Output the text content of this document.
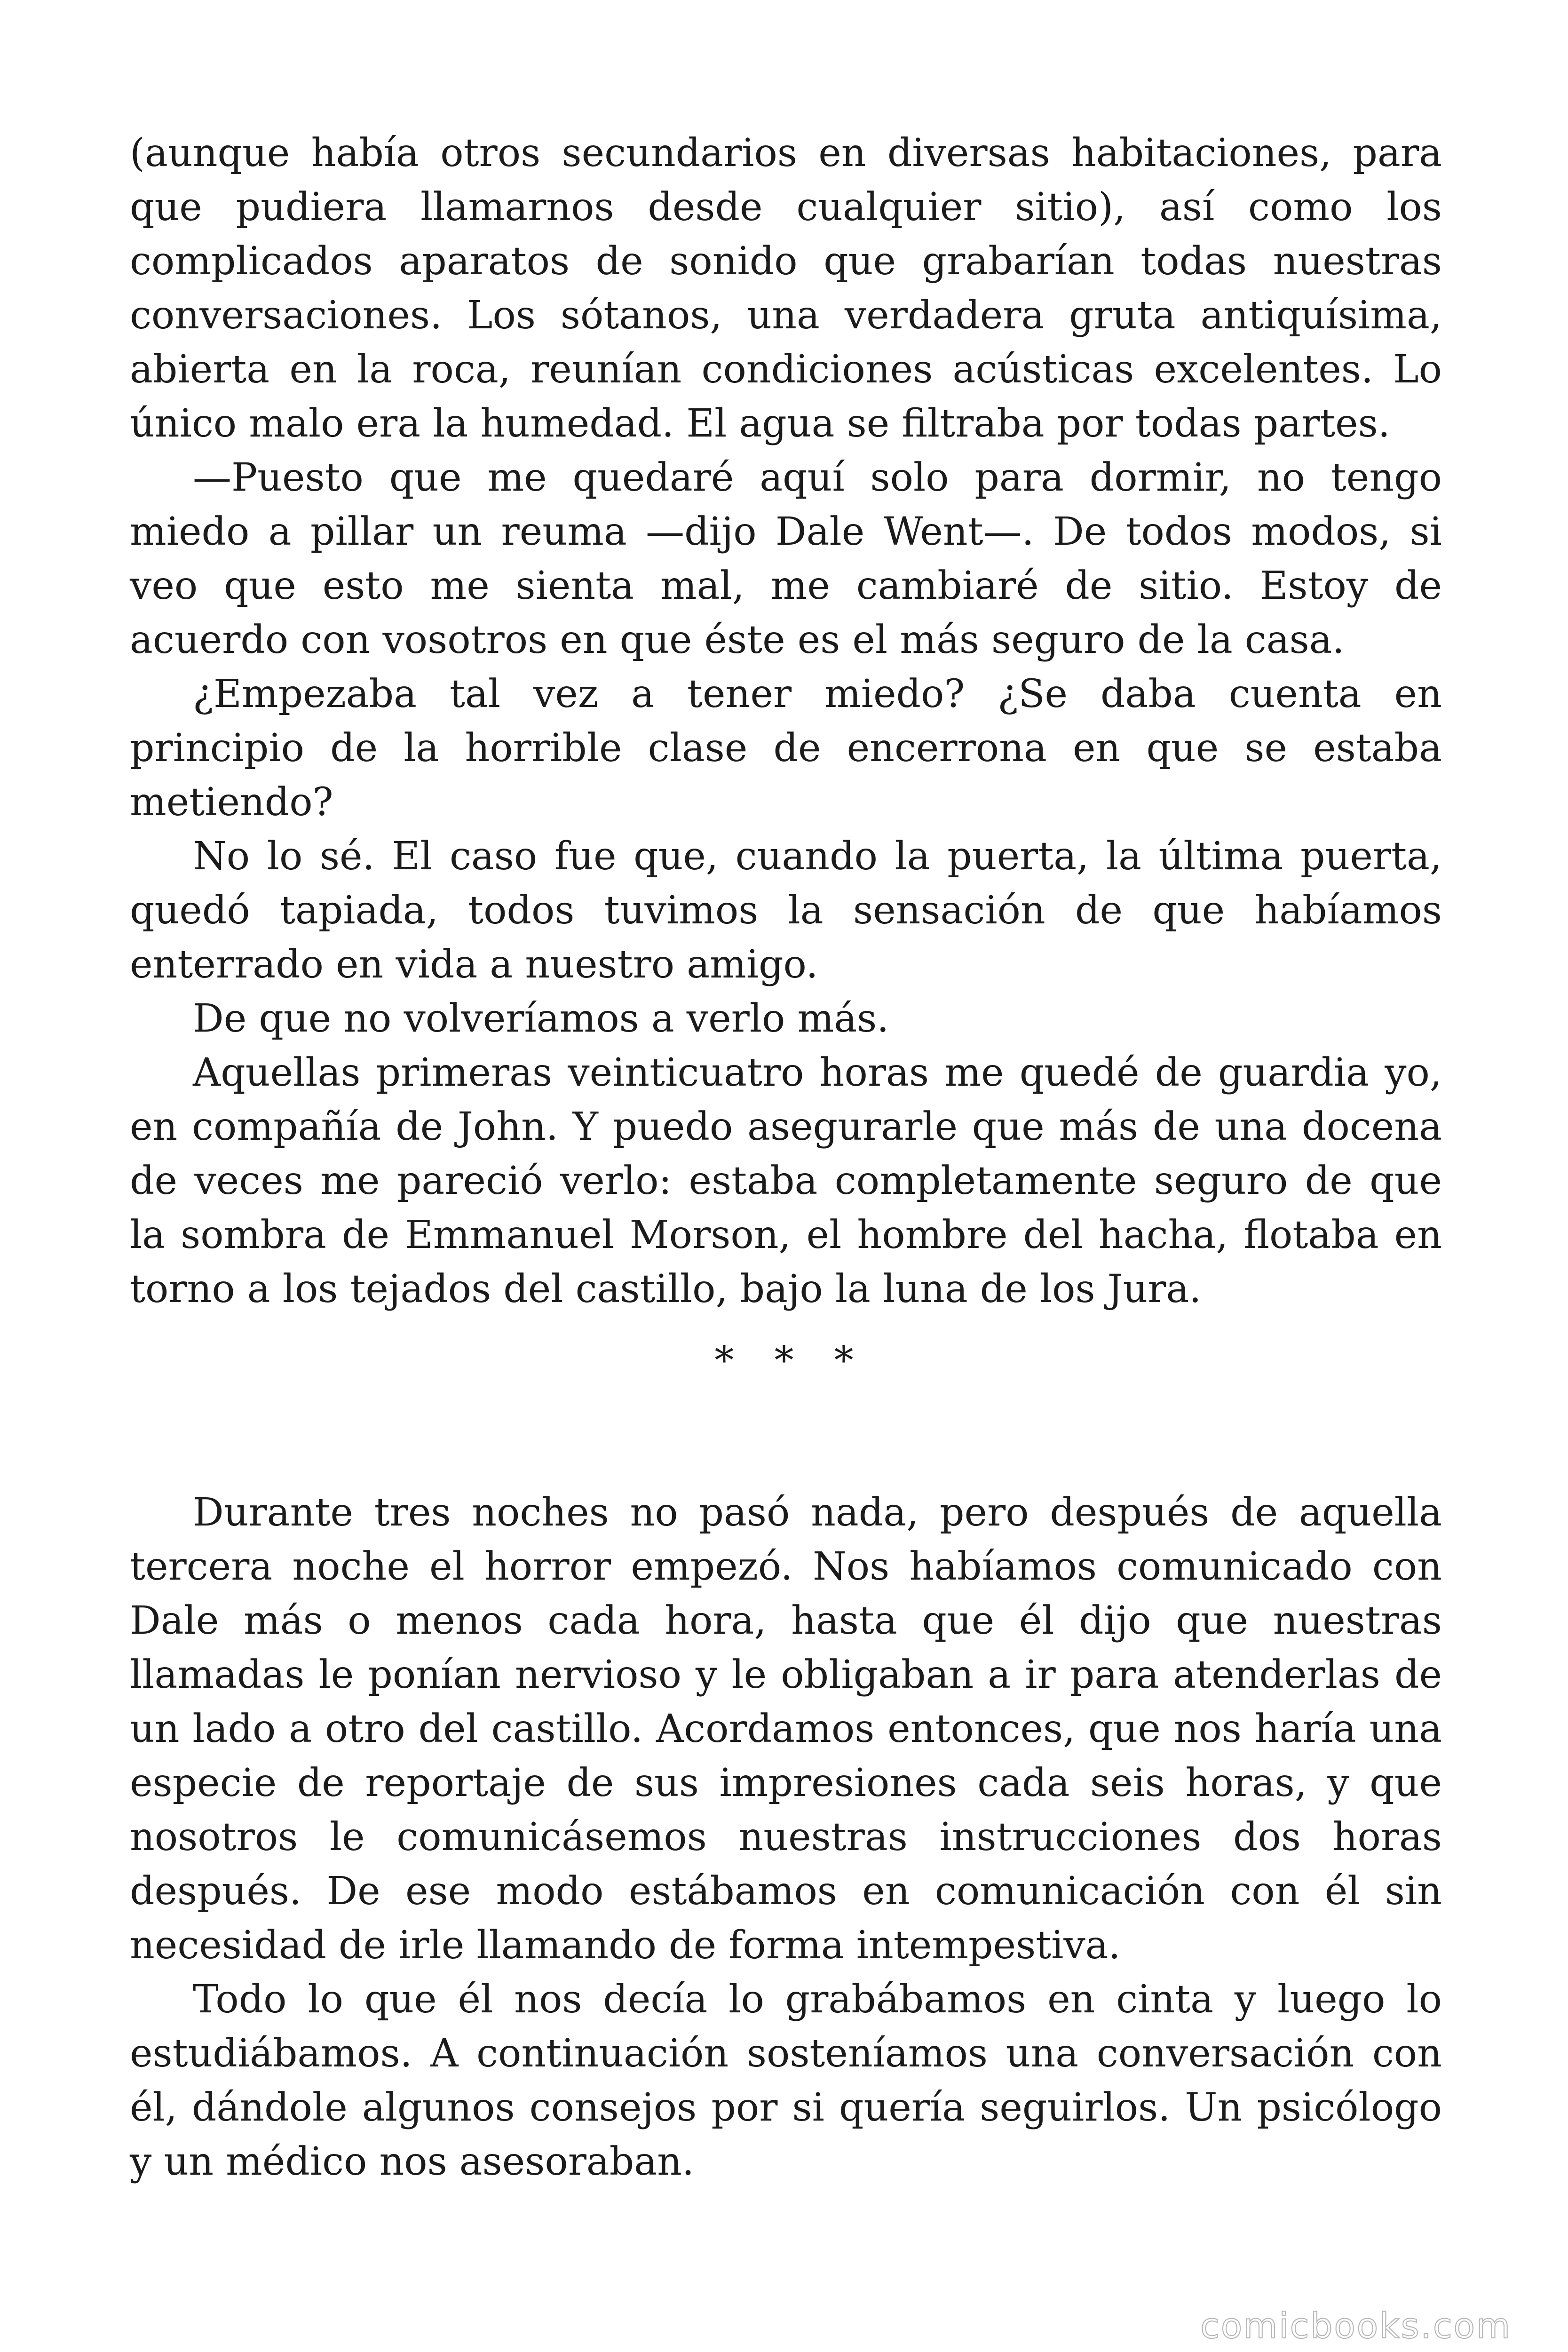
(aunque había otros secundarios en diversas habitaciones, para que pudiera llamarnos desde cualquier sitio), así como los complicados aparatos de sonido que grabarían todas nuestras conversaciones. Los sótanos, una verdadera gruta antiquísima, abierta en la roca, reunían condiciones acústicas excelentes. Lo único malo era la humedad. El agua se filtraba por todas partes.

—Puesto que me quedaré aquí solo para dormir, no tengo miedo a pillar un reuma —dijo Dale Went—. De todos modos, si veo que esto me sienta mal, me cambiaré de sitio. Estoy de acuerdo con vosotros en que éste es el más seguro de la casa.

¿Empezaba tal vez a tener miedo? ¿Se daba cuenta en principio de la horrible clase de encerrona en que se estaba metiendo?

No lo sé. El caso fue que, cuando la puerta, la última puerta, quedó tapiada, todos tuvimos la sensación de que habíamos enterrado en vida a nuestro amigo.

De que no volveríamos a verlo más.

Aquellas primeras veinticuatro horas me quedé de guardia yo, en compañía de John. Y puedo asegurarle que más de una docena de veces me pareció verlo: estaba completamente seguro de que la sombra de Emmanuel Morson, el hombre del hacha, flotaba en torno a los tejados del castillo, bajo la luna de los Jura.

* * *

Durante tres noches no pasó nada, pero después de aquella tercera noche el horror empezó. Nos habíamos comunicado con Dale más o menos cada hora, hasta que él dijo que nuestras llamadas le ponían nervioso y le obligaban a ir para atenderlas de un lado a otro del castillo. Acordamos entonces, que nos haría una especie de reportaje de sus impresiones cada seis horas, y que nosotros le comunicásemos nuestras instrucciones dos horas después. De ese modo estábamos en comunicación con él sin necesidad de irle llamando de forma intempestiva.

Todo lo que él nos decía lo grabábamos en cinta y luego lo estudiábamos. A continuación sosteníamos una conversación con él, dándole algunos consejos por si quería seguirlos. Un psicólogo y un médico nos asesoraban.

comicbooks.com
